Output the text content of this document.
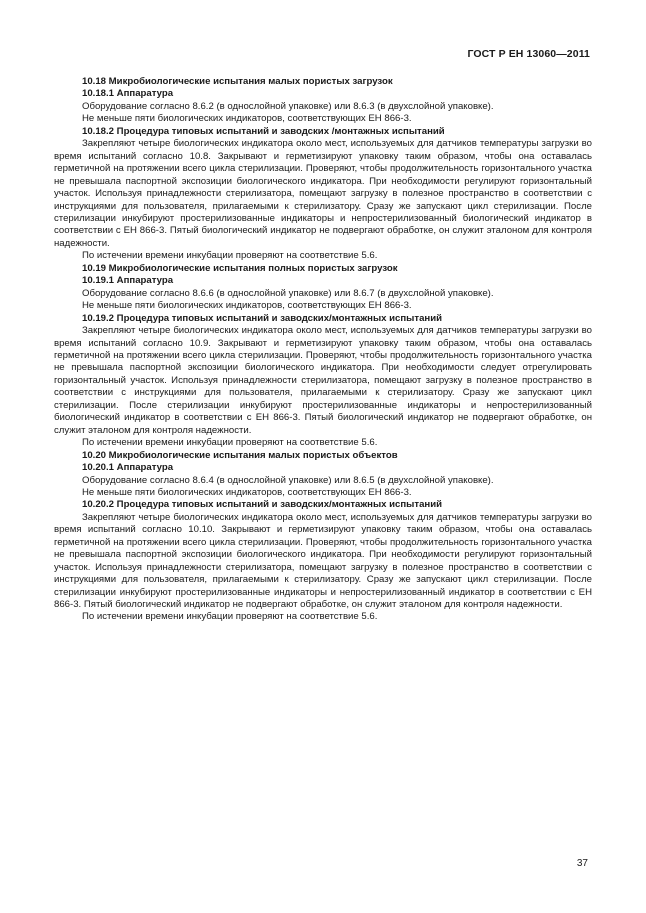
ГОСТ Р ЕН 13060—2011

10.18 Микробиологические испытания малых пористых загрузок

10.18.1 Аппаратура

Оборудование согласно 8.6.2 (в однослойной упаковке) или 8.6.3 (в двухслойной упаковке).

Не меньше пяти биологических индикаторов, соответствующих ЕН 866-3.

10.18.2 Процедура типовых испытаний и заводских /монтажных испытаний

Закрепляют четыре биологических индикатора около мест, используемых для датчиков температуры загрузки во время испытаний согласно 10.8. Закрывают и герметизируют упаковку таким образом, чтобы она оставалась герметичной на протяжении всего цикла стерилизации. Проверяют, чтобы продолжительность горизонтального участка не превышала паспортной экспозиции биологического индикатора. При необходимости регулируют горизонтальный участок. Используя принадлежности стерилизатора, помещают загрузку в полезное пространство в соответствии с инструкциями для пользователя, прилагаемыми к стерилизатору. Сразу же запускают цикл стерилизации. После стерилизации инкубируют простерилизованные индикаторы и непростерилизованный биологический индикатор в соответствии с ЕН 866-3. Пятый биологический индикатор не подвергают обработке, он служит эталоном для контроля надежности.

По истечении времени инкубации проверяют на соответствие 5.6.

10.19 Микробиологические испытания полных пористых загрузок

10.19.1 Аппаратура

Оборудование согласно 8.6.6 (в однослойной упаковке) или 8.6.7 (в двухслойной упаковке).

Не меньше пяти биологических индикаторов, соответствующих ЕН 866-3.

10.19.2 Процедура типовых испытаний и заводских/монтажных испытаний

Закрепляют четыре биологических индикатора около мест, используемых для датчиков температуры загрузки во время испытаний согласно 10.9. Закрывают и герметизируют упаковку таким образом, чтобы она оставалась герметичной на протяжении всего цикла стерилизации. Проверяют, чтобы продолжительность горизонтального участка не превышала паспортной экспозиции биологического индикатора. При необходимости следует отрегулировать горизонтальный участок. Используя принадлежности стерилизатора, помещают загрузку в полезное пространство в соответствии с инструкциями для пользователя, прилагаемыми к стерилизатору. Сразу же запускают цикл стерилизации. После стерилизации инкубируют простерилизованные индикаторы и непростерилизованный биологический индикатор в соответствии с ЕН 866-3. Пятый биологический индикатор не подвергают обработке, он служит эталоном для контроля надежности.

По истечении времени инкубации проверяют на соответствие 5.6.

10.20 Микробиологические испытания малых пористых объектов

10.20.1 Аппаратура

Оборудование согласно 8.6.4 (в однослойной упаковке) или 8.6.5 (в двухслойной упаковке).

Не меньше пяти биологических индикаторов, соответствующих ЕН 866-3.

10.20.2 Процедура типовых испытаний и заводских/монтажных испытаний

Закрепляют четыре биологических индикатора около мест, используемых для датчиков температуры загрузки во время испытаний согласно 10.10. Закрывают и герметизируют упаковку таким образом, чтобы она оставалась герметичной на протяжении всего цикла стерилизации. Проверяют, чтобы продолжительность горизонтального участка не превышала паспортной экспозиции биологического индикатора. При необходимости регулируют горизонтальный участок. Используя принадлежности стерилизатора, помещают загрузку в полезное пространство в соответствии с инструкциями для пользователя, прилагаемыми к стерилизатору. Сразу же запускают цикл стерилизации. После стерилизации инкубируют простерилизованные индикаторы и непростерилизованный индикатор в соответствии с ЕН 866-3. Пятый биологический индикатор не подвергают обработке, он служит эталоном для контроля надежности.

По истечении времени инкубации проверяют на соответствие 5.6.

37
